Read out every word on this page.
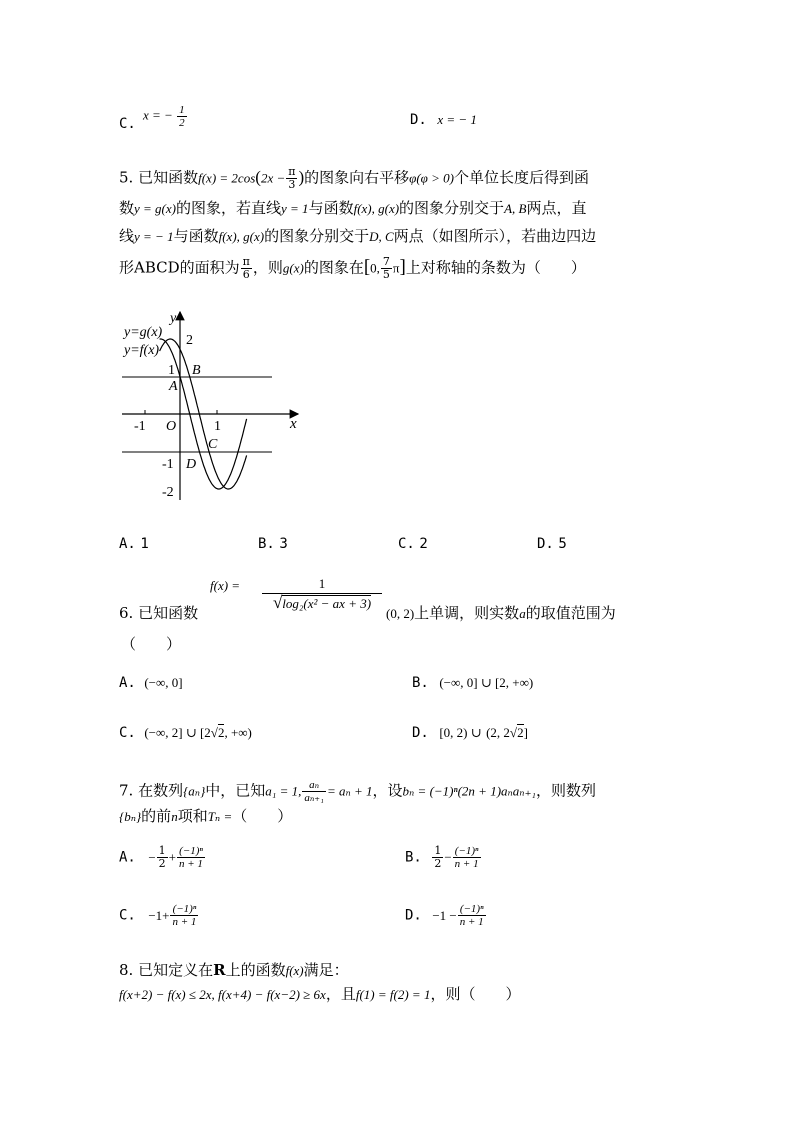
C.
x = − $\frac{1}{2}$	D. x = − 1
5. 已知函数$f(x) = 2\cos(2x - \frac{\pi}{3}$ )的图象向右平移φ(φ > 0)个单位长度后得到函
数y = g(x)的图象，若直线y = 1与函数f(x), g(x)的图象分别交于A, B两点，直
线y = − 1与函数f(x), g(x)的图象分别交于D, C两点（如图所示），若曲边四边
形ABCD的面积为 $\frac{\pi}{6}$ ，则g(x)的图象在[0, $\frac{7}{5} \pi$]上对称轴的条数为（　　）
y=g(x)
y=f(x)
y
x
2
1
-1
-2
-1	1
O
A
B
C
D
A. 1	B. 3	C. 2	D. 5
6. 已知函数
$^{f(x) =}$	1
√log₂(x² − ax + 3)
(0, 2)上单调，则实数a的取值范围为
（　　）
A. (−∞, 0]	B. (−∞, 0] ∪ [2, +∞)
C. (−∞, 2] ∪ [2√2, +∞)	D. [0, 2) ∪ (2, 2√2]
7. 在数列{aₙ}中，已知a₁ = 1, $\frac{\text{aₙ}}{\text{aₙ₊₁}} = a_n + 1$，设bₙ = (−1)ⁿ(2n + 1)aₙaₙ₊₁，则数列
{bₙ}的前n项和Tₙ =（　　）
A. − $\frac{1}{2} + \frac{\text{(−1)ⁿ}}{n + 1}$	B. $\frac{1}{2} - \frac{\text{(−1)ⁿ}}{n + 1}$
C. $-1+ \frac{\text{(−1)ⁿ}}{n + 1}$	D. $-1 - \frac{\text{(−1)ⁿ}}{n + 1}$
8. 已知定义在R上的函数f(x)满足：
f(x+2) − f(x) ≤ 2x, f(x+4) − f(x−2) ≥ 6x，且f(1) = f(2) = 1，则（　　）
